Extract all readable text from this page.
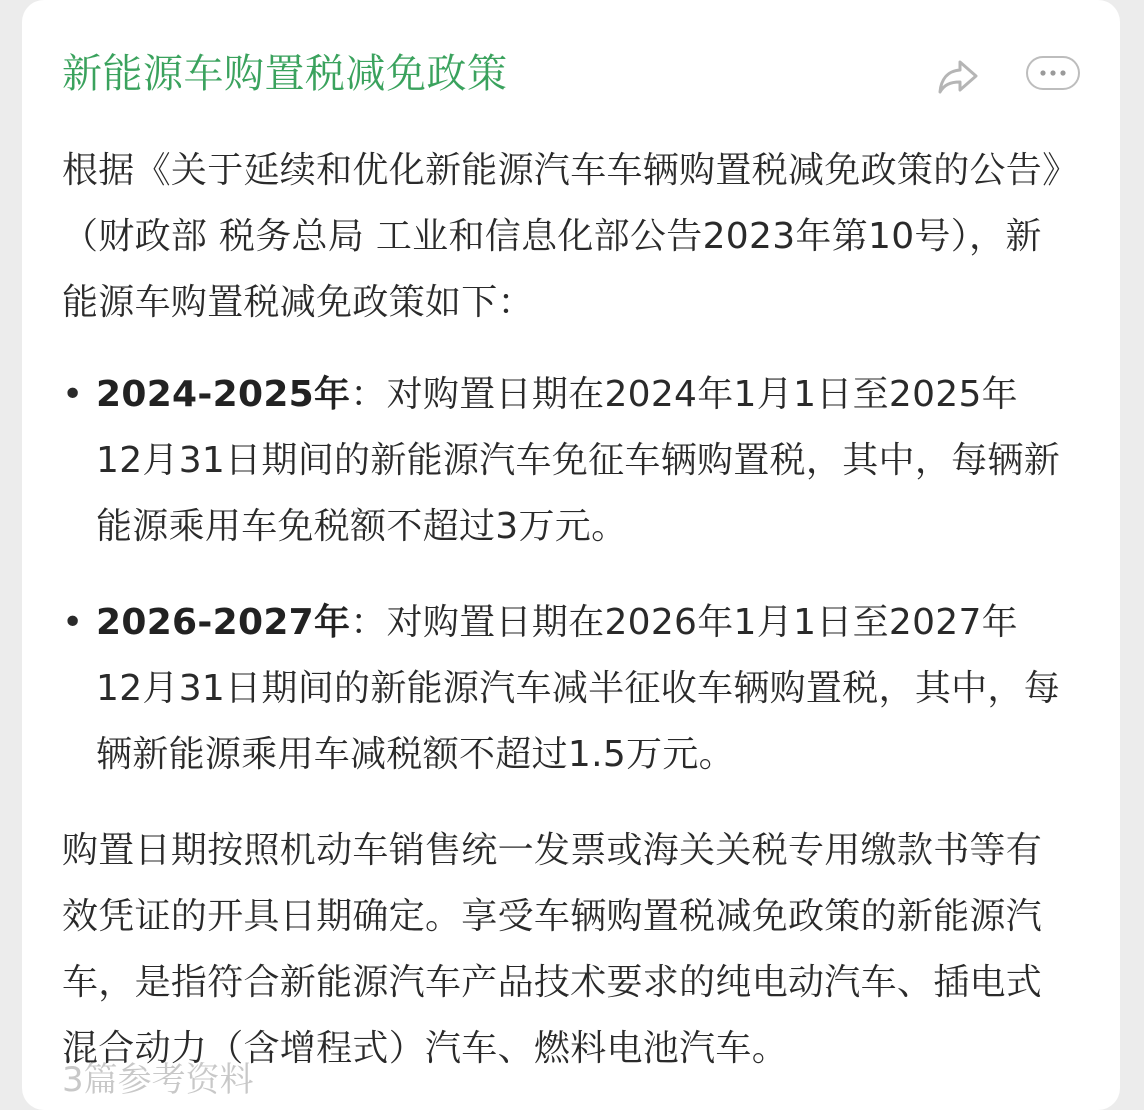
新能源车购置税减免政策

根据《关于延续和优化新能源汽车车辆购置税减免政策的公告》（财政部 税务总局 工业和信息化部公告2023年第10号），新能源车购置税减免政策如下：

• 2024-2025年：对购置日期在2024年1月1日至2025年12月31日期间的新能源汽车免征车辆购置税，其中，每辆新能源乘用车免税额不超过3万元。
• 2026-2027年：对购置日期在2026年1月1日至2027年12月31日期间的新能源汽车减半征收车辆购置税，其中，每辆新能源乘用车减税额不超过1.5万元。

购置日期按照机动车销售统一发票或海关关税专用缴款书等有效凭证的开具日期确定。享受车辆购置税减免政策的新能源汽车，是指符合新能源汽车产品技术要求的纯电动汽车、插电式混合动力（含增程式）汽车、燃料电池汽车。

3篇参考资料
